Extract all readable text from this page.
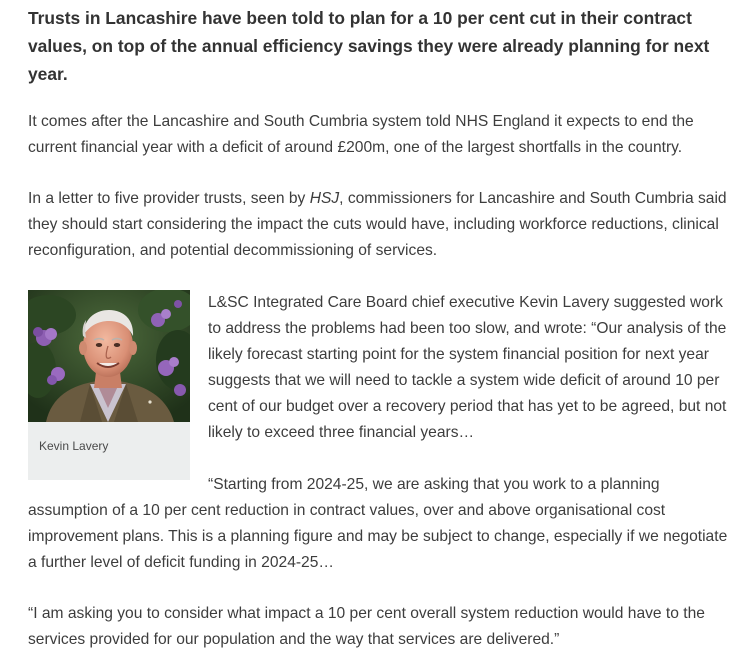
Trusts in Lancashire have been told to plan for a 10 per cent cut in their contract values, on top of the annual efficiency savings they were already planning for next year.

It comes after the Lancashire and South Cumbria system told NHS England it expects to end the current financial year with a deficit of around £200m, one of the largest shortfalls in the country.

In a letter to five provider trusts, seen by HSJ, commissioners for Lancashire and South Cumbria said they should start considering the impact the cuts would have, including workforce reductions, clinical reconfiguration, and potential decommissioning of services.

Kevin Lavery

L&SC Integrated Care Board chief executive Kevin Lavery suggested work to address the problems had been too slow, and wrote: “Our analysis of the likely forecast starting point for the system financial position for next year suggests that we will need to tackle a system wide deficit of around 10 per cent of our budget over a recovery period that has yet to be agreed, but not likely to exceed three financial years…

“Starting from 2024-25, we are asking that you work to a planning assumption of a 10 per cent reduction in contract values, over and above organisational cost improvement plans. This is a planning figure and may be subject to change, especially if we negotiate a further level of deficit funding in 2024-25…

“I am asking you to consider what impact a 10 per cent overall system reduction would have to the services provided for our population and the way that services are delivered.”
